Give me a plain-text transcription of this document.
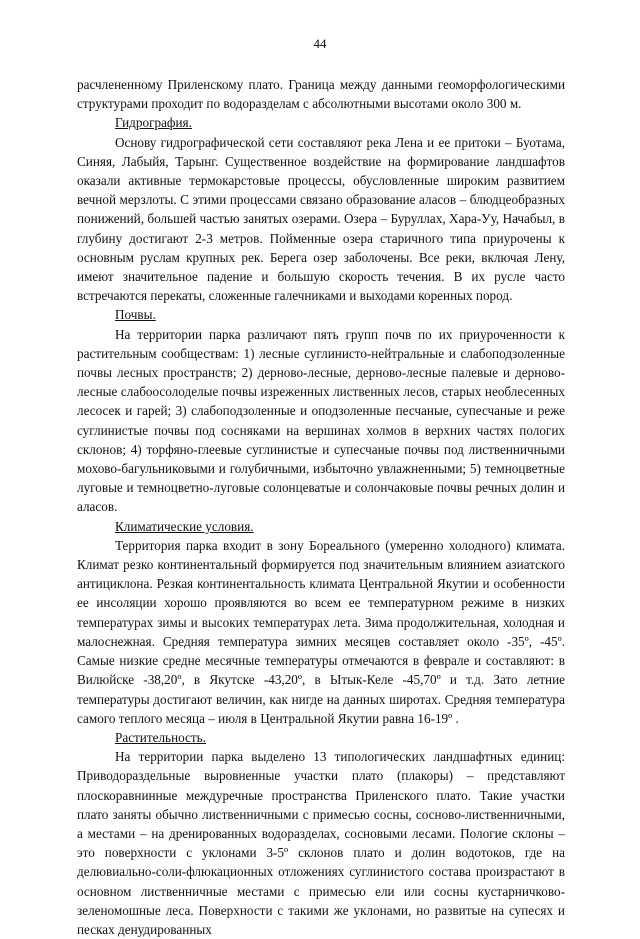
44

расчлененному Приленскому плато. Граница между данными геоморфологическими структурами проходит по водоразделам с абсолютными высотами около 300 м.

Гидрография.

Основу гидрографической сети составляют река Лена и ее притоки – Буотама, Синяя, Лабыйя, Тарынг. Существенное воздействие на формирование ландшафтов оказали активные термокарстовые процессы, обусловленные широким развитием вечной мерзлоты. С этими процессами связано образование аласов – блюдцеобразных понижений, большей частью занятых озерами. Озера – Буруллах, Хара-Уу, Начабыл, в глубину достигают 2-3 метров. Пойменные озера старичного типа приурочены к основным руслам крупных рек. Берега озер заболочены. Все реки, включая Лену, имеют значительное падение и большую скорость течения. В их русле часто встречаются перекаты, сложенные галечниками и выходами коренных пород.

Почвы.

На территории парка различают пять групп почв по их приуроченности к растительным сообществам: 1) лесные суглинисто-нейтральные и слабоподзоленные почвы лесных пространств; 2) дерново-лесные, дерново-лесные палевые и дерново-лесные слабоосолоделые почвы изреженных лиственных лесов, старых необлесенных лесосек и гарей; 3) слабоподзоленные и оподзоленные песчаные, супесчаные и реже суглинистые почвы под сосняками на вершинах холмов в верхних частях пологих склонов; 4) торфяно-глеевые суглинистые и супесчаные почвы под лиственничными мохово-багульниковыми и голубичными, избыточно увлажненными; 5) темноцветные луговые и темноцветно-луговые солонцеватые и солончаковые почвы речных долин и аласов.

Климатические условия.

Территория парка входит в зону Бореального (умеренно холодного) климата. Климат резко континентальный формируется под значительным влиянием азиатского антициклона. Резкая континентальность климата Центральной Якутии и особенности ее инсоляции хорошо проявляются во всем ее температурном режиме в низких температурах зимы и высоких температурах лета. Зима продолжительная, холодная и малоснежная. Средняя температура зимних месяцев составляет около -35º, -45º. Самые низкие средне месячные температуры отмечаются в феврале и составляют: в Вилюйске -38,20º, в Якутске -43,20º, в Ытык-Келе -45,70º и т.д. Зато летние температуры достигают величин, как нигде на данных широтах. Средняя температура самого теплого месяца – июля в Центральной Якутии равна 16-19º .

Растительность.

На территории парка выделено 13 типологических ландшафтных единиц: Приводораздельные выровненные участки плато (плакоры) – представляют плоскоравнинные междуречные пространства Приленского плато. Такие участки плато заняты обычно лиственничными с примесью сосны, сосново-лиственничными, а местами – на дренированных водоразделах, сосновыми лесами. Пологие склоны – это поверхности с уклонами 3-5º склонов плато и долин водотоков, где на делювиально-соли-флюкационных отложениях суглинистого состава произрастают в основном лиственничные местами с примесью ели или сосны кустарничково-зеленомошные леса. Поверхности с такими же уклонами, но развитые на супесях и песках денудированных
